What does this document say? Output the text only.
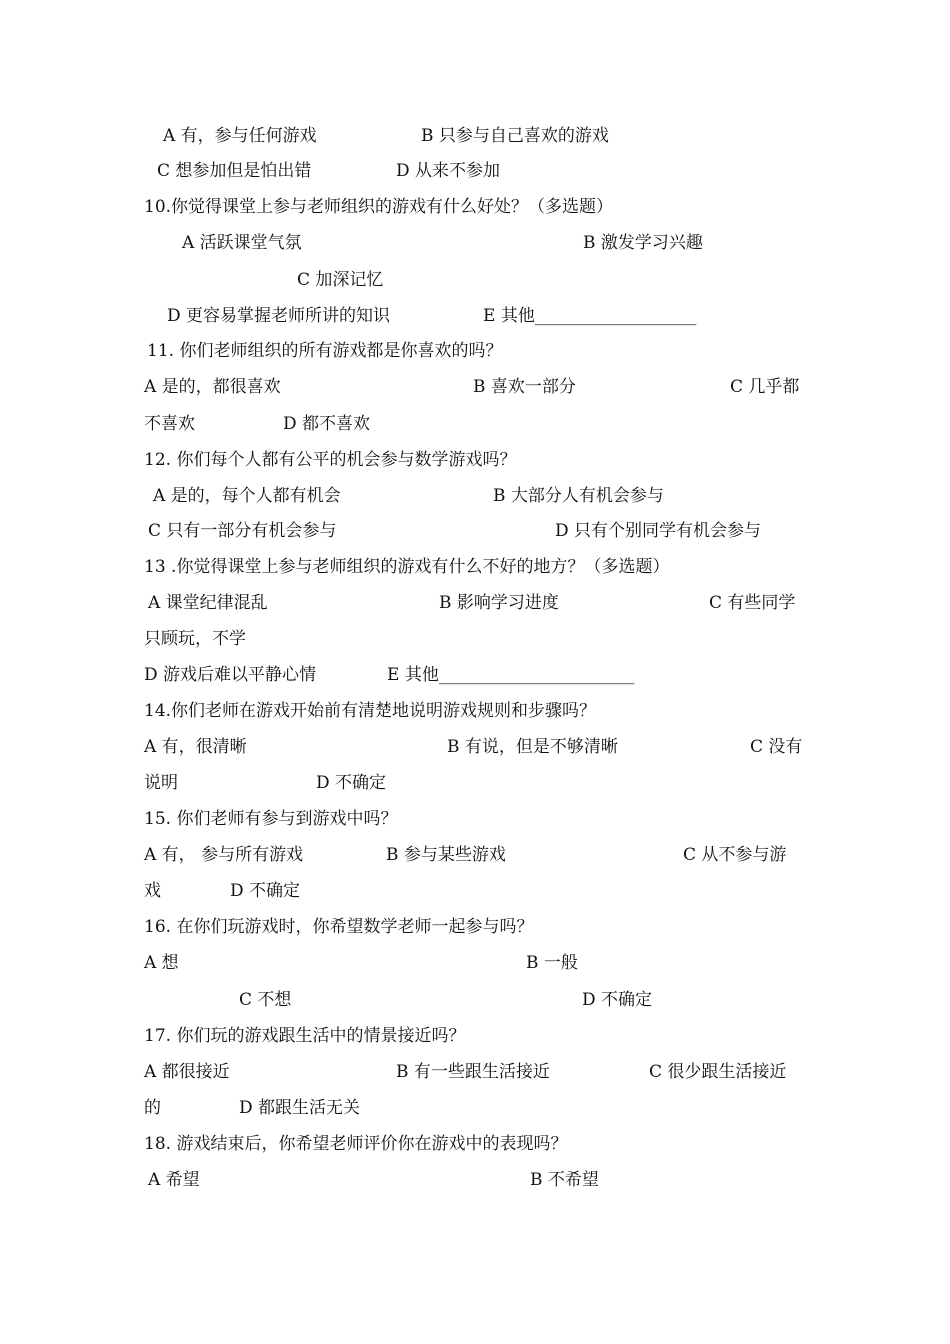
A 有，参与任何游戏	B 只参与自己喜欢的游戏
C 想参加但是怕出错	D 从来不参加
10.你觉得课堂上参与老师组织的游戏有什么好处？（多选题）
A 活跃课堂气氛	B 激发学习兴趣
C 加深记忆
D 更容易掌握老师所讲的知识	E 其他___________________
11. 你们老师组织的所有游戏都是你喜欢的吗？
A 是的，都很喜欢	B 喜欢一部分	C 几乎都
不喜欢	D 都不喜欢
12. 你们每个人都有公平的机会参与数学游戏吗？
A 是的，每个人都有机会	B 大部分人有机会参与
C 只有一部分有机会参与	D 只有个别同学有机会参与
13 .你觉得课堂上参与老师组织的游戏有什么不好的地方？（多选题）
A 课堂纪律混乱	B 影响学习进度	C 有些同学
只顾玩，不学
D 游戏后难以平静心情	E 其他_______________________
14.你们老师在游戏开始前有清楚地说明游戏规则和步骤吗？
A 有，很清晰	B 有说，但是不够清晰	C 没有
说明	D 不确定
15. 你们老师有参与到游戏中吗？
A 有， 参与所有游戏	B 参与某些游戏	C 从不参与游
戏	D 不确定
16. 在你们玩游戏时，你希望数学老师一起参与吗？
A 想	B 一般
C 不想	D 不确定
17. 你们玩的游戏跟生活中的情景接近吗？
A 都很接近	B 有一些跟生活接近	C 很少跟生活接近
的	D 都跟生活无关
18. 游戏结束后，你希望老师评价你在游戏中的表现吗？
A 希望	B 不希望
